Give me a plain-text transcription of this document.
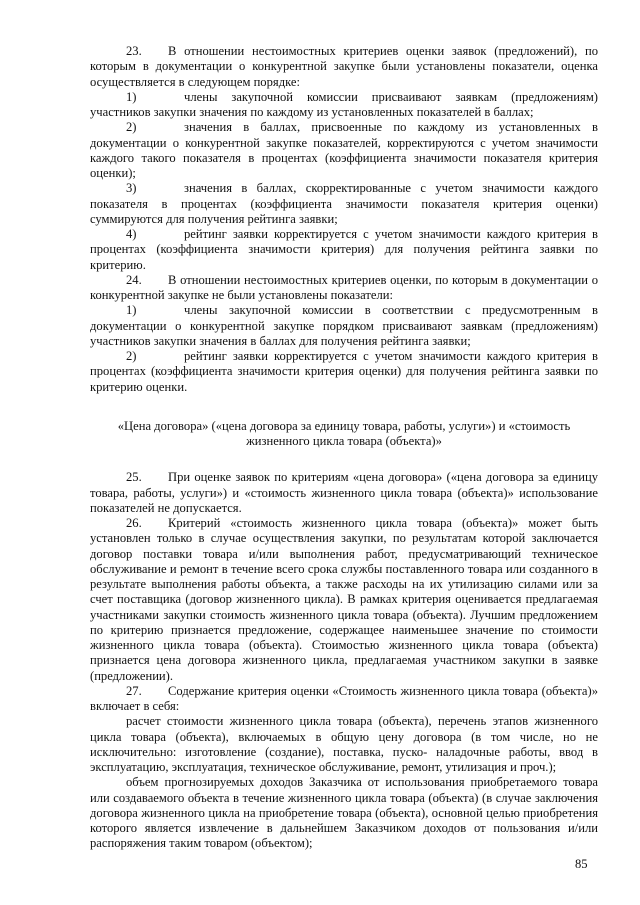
23. В отношении нестоимостных критериев оценки заявок (предложений), по которым в документации о конкурентной закупке были установлены показатели, оценка осуществляется в следующем порядке:

1)	члены закупочной комиссии присваивают заявкам (предложениям) участников закупки значения по каждому из установленных показателей в баллах;

2)	значения в баллах, присвоенные по каждому из установленных в документации о конкурентной закупке показателей, корректируются с учетом значимости каждого такого показателя в процентах (коэффициента значимости показателя критерия оценки);

3)	значения в баллах, скорректированные с учетом значимости каждого показателя в процентах (коэффициента значимости показателя критерия оценки) суммируются для получения рейтинга заявки;

4)	рейтинг заявки корректируется с учетом значимости каждого критерия в процентах (коэффициента значимости критерия) для получения рейтинга заявки по критерию.

24. В отношении нестоимостных критериев оценки, по которым в документации о конкурентной закупке не были установлены показатели:

1)	члены закупочной комиссии в соответствии с предусмотренным в документации о конкурентной закупке порядком присваивают заявкам (предложениям) участников закупки значения в баллах для получения рейтинга заявки;

2)	рейтинг заявки корректируется с учетом значимости каждого критерия в процентах (коэффициента значимости критерия оценки) для получения рейтинга заявки по критерию оценки.

«Цена договора» («цена договора за единицу товара, работы, услуги») и «стоимость жизненного цикла товара (объекта)»

25. При оценке заявок по критериям «цена договора» («цена договора за единицу товара, работы, услуги») и «стоимость жизненного цикла товара (объекта)» использование показателей не допускается.

26. Критерий «стоимость жизненного цикла товара (объекта)» может быть установлен только в случае осуществления закупки, по результатам которой заключается договор поставки товара и/или выполнения работ, предусматривающий техническое обслуживание и ремонт в течение всего срока службы поставленного товара или созданного в результате выполнения работы объекта, а также расходы на их утилизацию силами или за счет поставщика (договор жизненного цикла). В рамках критерия оценивается предлагаемая участниками закупки стоимость жизненного цикла товара (объекта). Лучшим предложением по критерию признается предложение, содержащее наименьшее значение по стоимости жизненного цикла товара (объекта). Стоимостью жизненного цикла товара (объекта) признается цена договора жизненного цикла, предлагаемая участником закупки в заявке (предложении).

27. Содержание критерия оценки «Стоимость жизненного цикла товара (объекта)» включает в себя:

расчет стоимости жизненного цикла товара (объекта), перечень этапов жизненного цикла товара (объекта), включаемых в общую цену договора (в том числе, но не исключительно: изготовление (создание), поставка, пуско- наладочные работы, ввод в эксплуатацию, эксплуатация, техническое обслуживание, ремонт, утилизация и проч.);

объем прогнозируемых доходов Заказчика от использования приобретаемого товара или создаваемого объекта в течение жизненного цикла товара (объекта) (в случае заключения договора жизненного цикла на приобретение товара (объекта), основной целью приобретения которого является извлечение в дальнейшем Заказчиком доходов от пользования и/или распоряжения таким товаром (объектом);

85
